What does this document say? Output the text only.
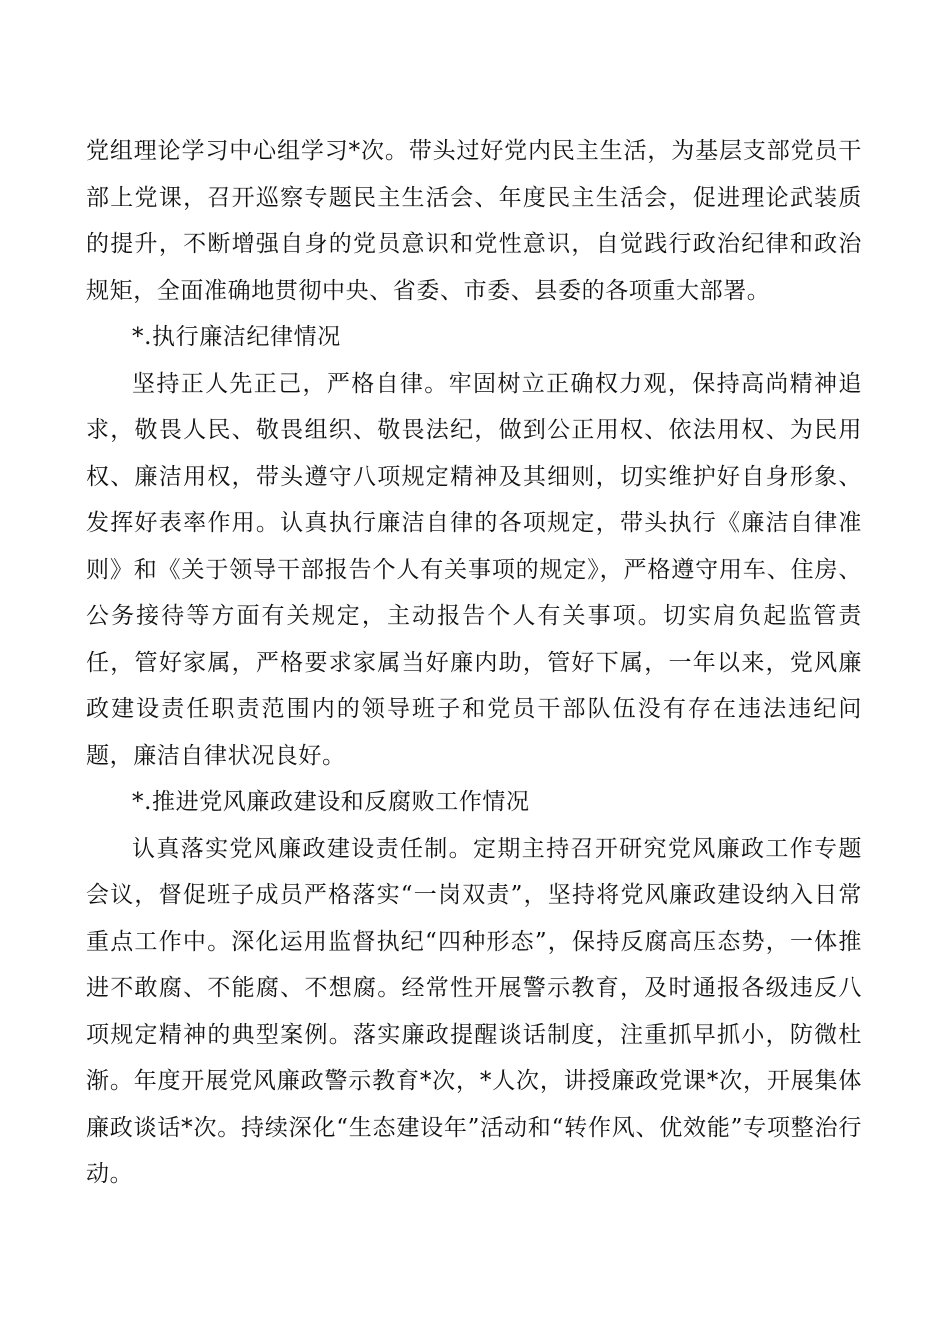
党组理论学习中心组学习*次。带头过好党内民主生活，为基层支部党员干部上党课，召开巡察专题民主生活会、年度民主生活会，促进理论武装质的提升，不断增强自身的党员意识和党性意识，自觉践行政治纪律和政治规矩，全面准确地贯彻中央、省委、市委、县委的各项重大部署。

*.执行廉洁纪律情况

坚持正人先正己，严格自律。牢固树立正确权力观，保持高尚精神追求，敬畏人民、敬畏组织、敬畏法纪，做到公正用权、依法用权、为民用权、廉洁用权，带头遵守八项规定精神及其细则，切实维护好自身形象、发挥好表率作用。认真执行廉洁自律的各项规定，带头执行《廉洁自律准则》和《关于领导干部报告个人有关事项的规定》，严格遵守用车、住房、公务接待等方面有关规定，主动报告个人有关事项。切实肩负起监管责任，管好家属，严格要求家属当好廉内助，管好下属，一年以来，党风廉政建设责任职责范围内的领导班子和党员干部队伍没有存在违法违纪问题，廉洁自律状况良好。

*.推进党风廉政建设和反腐败工作情况

认真落实党风廉政建设责任制。定期主持召开研究党风廉政工作专题会议，督促班子成员严格落实“一岗双责”，坚持将党风廉政建设纳入日常重点工作中。深化运用监督执纪“四种形态”，保持反腐高压态势，一体推进不敢腐、不能腐、不想腐。经常性开展警示教育，及时通报各级违反八项规定精神的典型案例。落实廉政提醒谈话制度，注重抓早抓小，防微杜渐。年度开展党风廉政警示教育*次，*人次，讲授廉政党课*次，开展集体廉政谈话*次。持续深化“生态建设年”活动和“转作风、优效能”专项整治行动。
